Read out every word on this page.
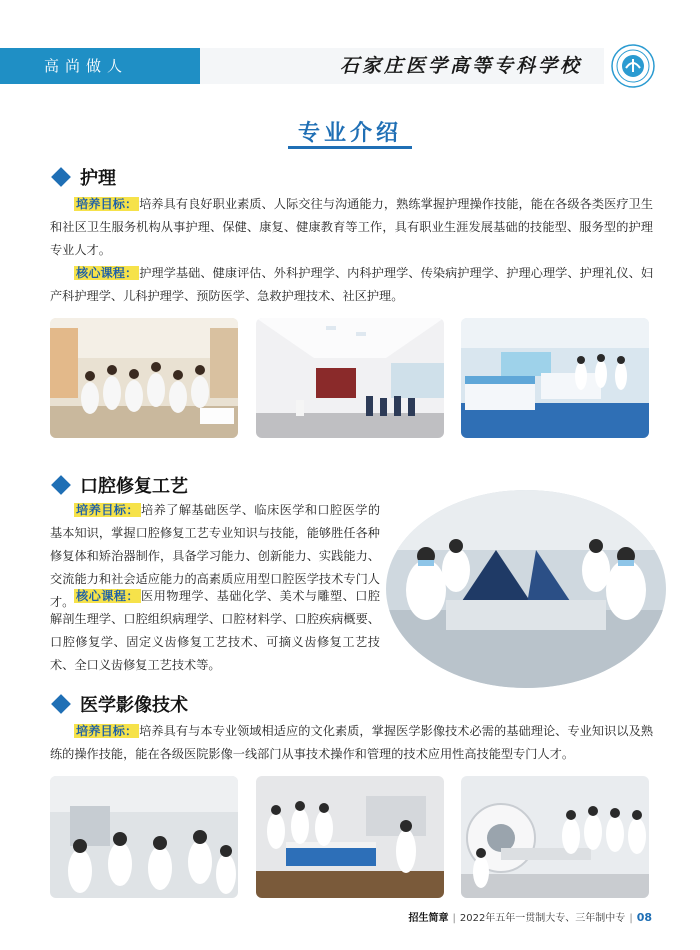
高尚做人	石家庄医学高等专科学校
专业介绍
护理
培养目标： 培养具有良好职业素质、人际交往与沟通能力，熟练掌握护理操作技能，能在各级各类医疗卫生和社区卫生服务机构从事护理、保健、康复、健康教育等工作，具有职业生涯发展基础的技能型、服务型的护理专业人才。
核心课程： 护理学基础、健康评估、外科护理学、内科护理学、传染病护理学、护理心理学、护理礼仪、妇产科护理学、儿科护理学、预防医学、急救护理技术、社区护理。
口腔修复工艺
培养目标： 培养了解基础医学、临床医学和口腔医学的基本知识，掌握口腔修复工艺专业知识与技能，能够胜任各种修复体和矫治器制作，具备学习能力、创新能力、实践能力、交流能力和社会适应能力的高素质应用型口腔医学技术专门人才。 核心课程： 医用物理学、基础化学、美术与雕塑、口腔解剖生理学、口腔组织病理学、口腔材料学、口腔疾病概要、口腔修复学、固定义齿修复工艺技术、可摘义齿修复工艺技术、全口义齿修复工艺技术等。
医学影像技术
培养目标： 培养具有与本专业领域相适应的文化素质，掌握医学影像技术必需的基础理论、专业知识以及熟练的操作技能，能在各级医院影像一线部门从事技术操作和管理的技术应用性高技能型专门人才。
招生简章 | 2022年五年一贯制大专、三年制中专 | 08
